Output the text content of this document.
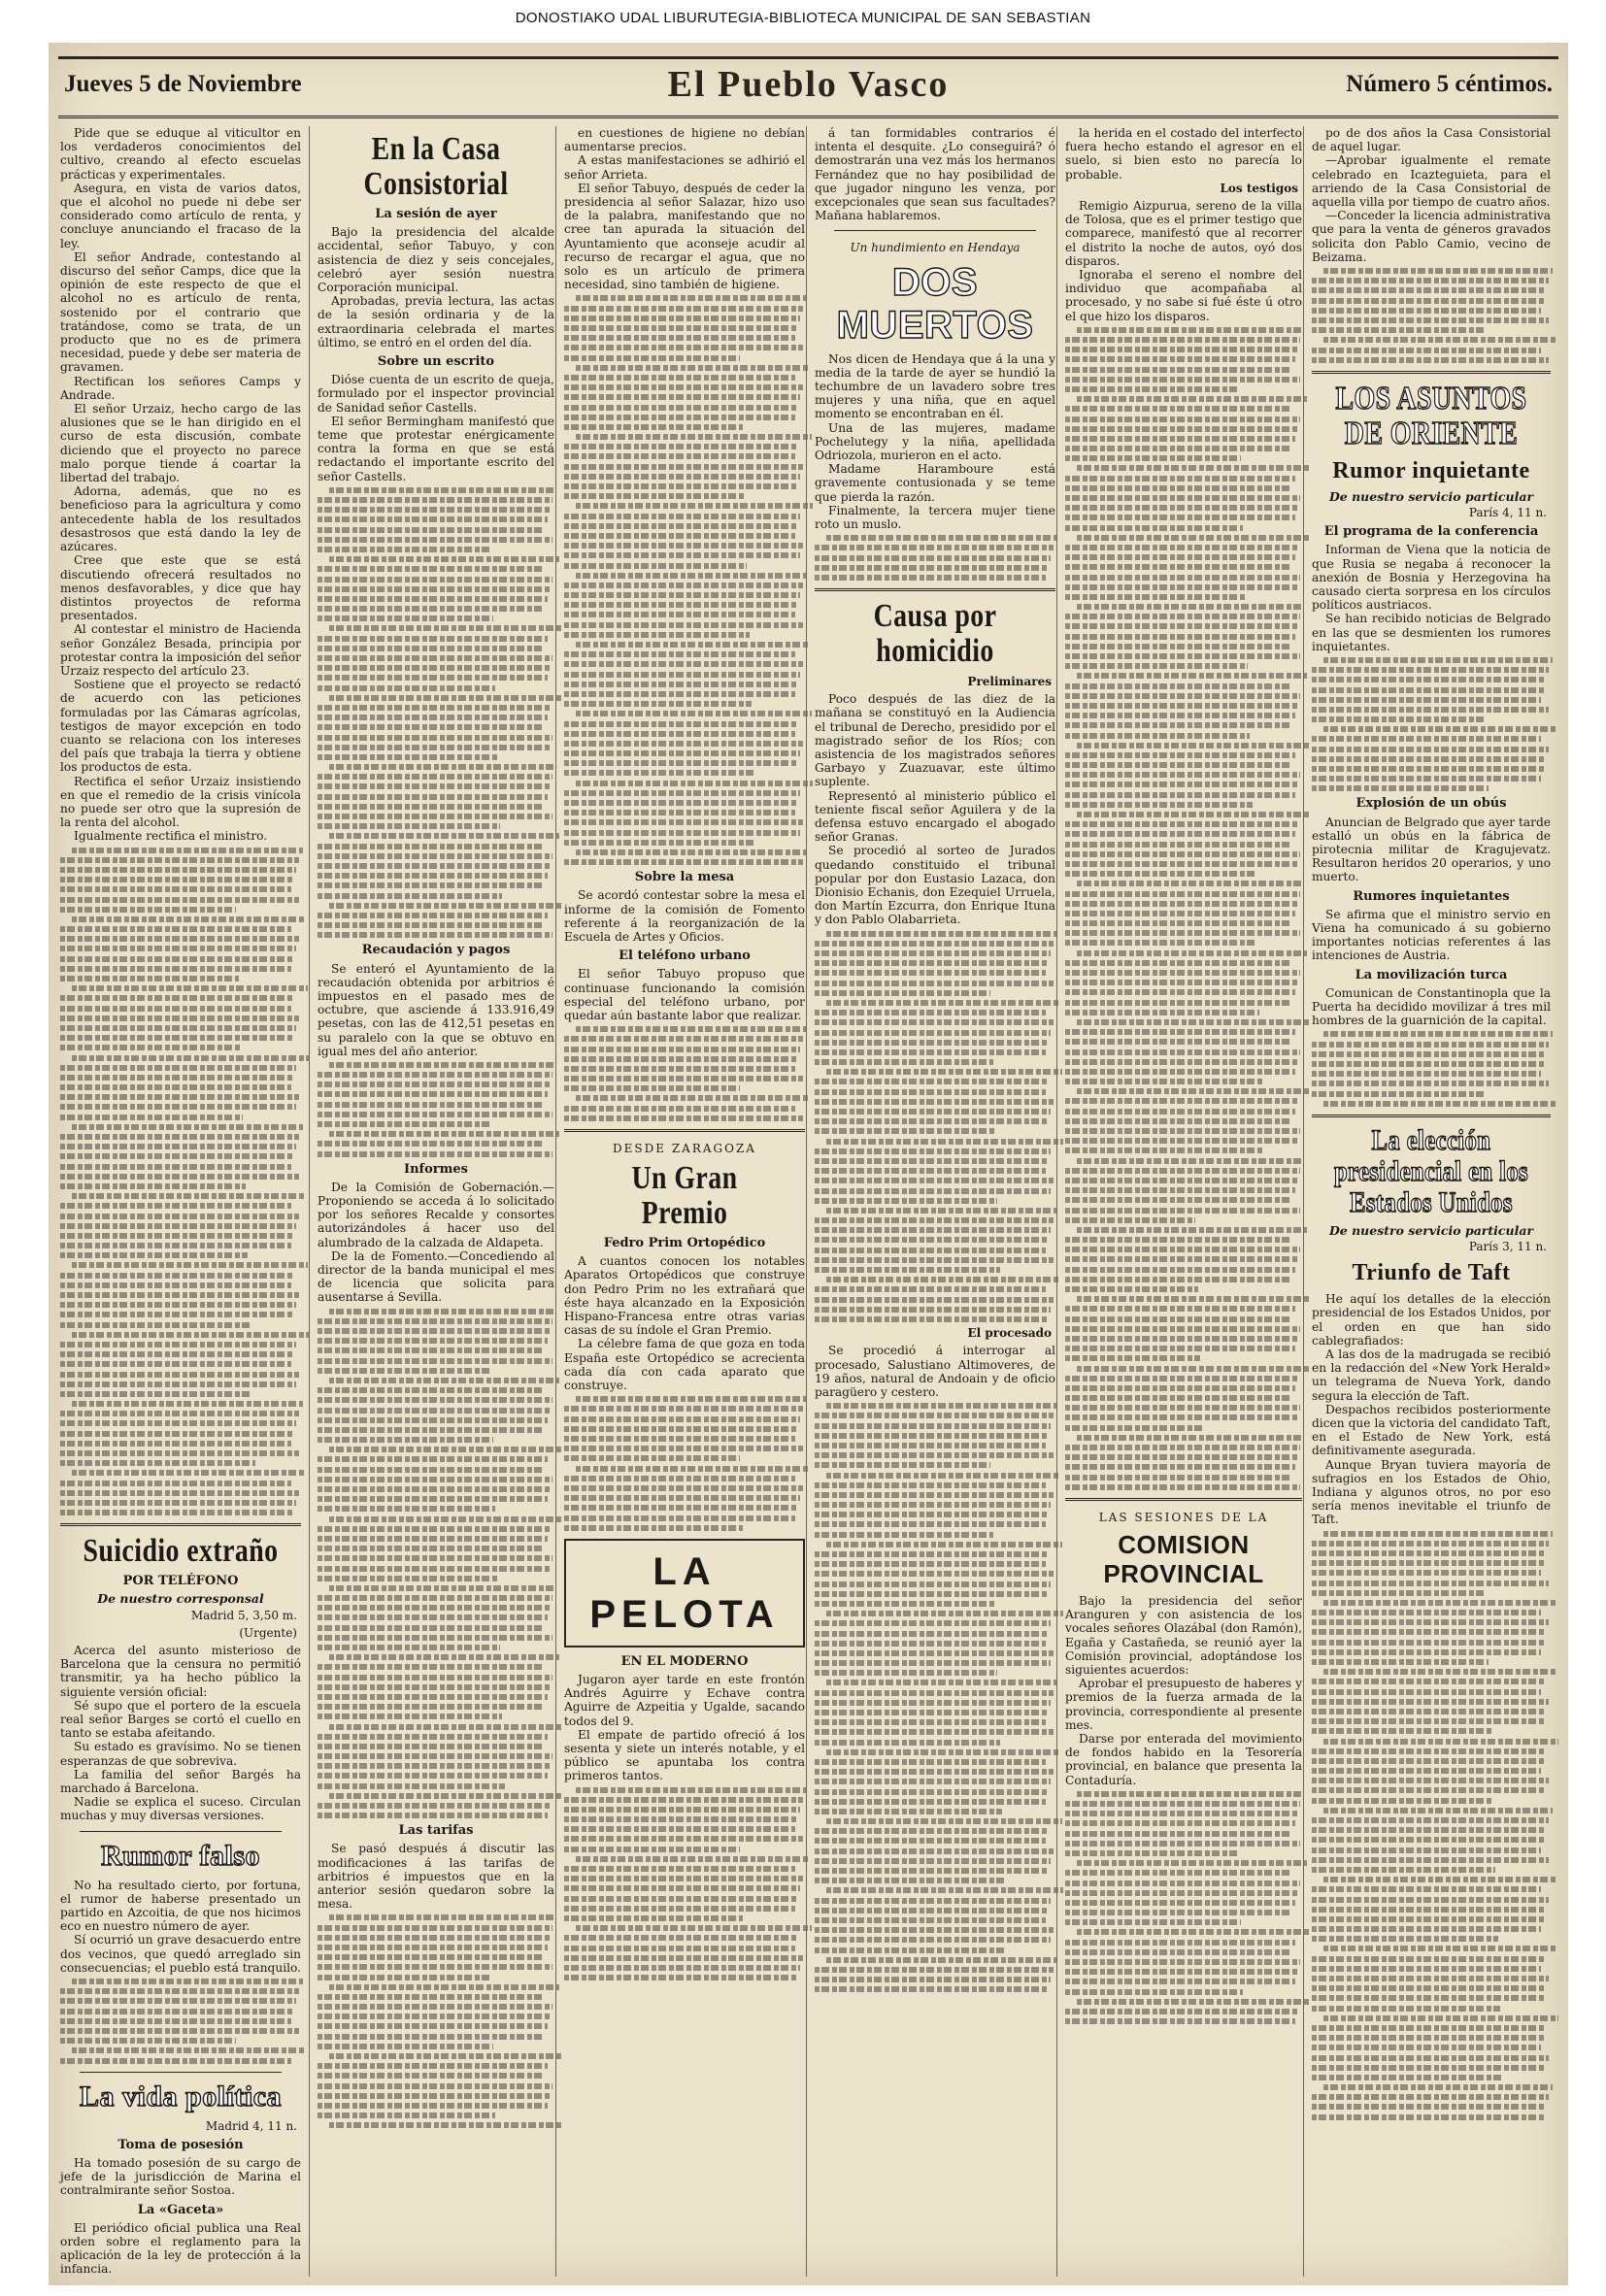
DONOSTIAKO UDAL LIBURUTEGIA-BIBLIOTECA MUNICIPAL DE SAN SEBASTIAN
Jueves 5 de Noviembre	El Pueblo Vasco	Número 5 céntimos.

Pide que se eduque al viticultor en los verdaderos conocimientos del cultivo, creando al efecto escuelas prácticas y experimentales.

Asegura, en vista de varios datos, que el alcohol no puede ni debe ser considerado como artículo de renta, y concluye anunciando el fracaso de la ley.

El señor Andrade, contestando al discurso del señor Camps, dice que la opinión de este respecto de que el alcohol no es artículo de renta, sostenido por el contrario que tratándose, como se trata, de un producto que no es de primera necesidad, puede y debe ser materia de gravamen.

Rectifican los señores Camps y Andrade.

El señor Urzaiz, hecho cargo de las alusiones que se le han dirigido en el curso de esta discusión, combate diciendo que el proyecto no parece malo porque tiende á coartar la libertad del trabajo.

Adorna, además, que no es beneficioso para la agricultura y como antecedente habla de los resultados desastrosos que está dando la ley de azúcares.

Cree que este que se está discutiendo ofrecerá resultados no menos desfavorables, y dice que hay distintos proyectos de reforma presentados.

Al contestar el ministro de Hacienda señor González Besada, principia por protestar contra la imposición del señor Urzaiz respecto del artículo 23.

Sostiene que el proyecto se redactó de acuerdo con las peticiones formuladas por las Cámaras agrícolas, testigos de mayor excepción en todo cuanto se relaciona con los intereses del país que trabaja la tierra y obtiene los productos de esta.

Rectifica el señor Urzaiz insistiendo en que el remedio de la crisis vinícola no puede ser otro que la supresión de la renta del alcohol.

Igualmente rectifica el ministro.

Suicidio extraño
POR TELÉFONO
De nuestro corresponsal
Madrid 5, 3,50 m.
(Urgente)

Acerca del asunto misterioso de Barcelona que la censura no permitió transmitir, ya ha hecho público la siguiente versión oficial:

Sé supo que el portero de la escuela real señor Barges se cortó el cuello en tanto se estaba afeitando.

Su estado es gravísimo. No se tienen esperanzas de que sobreviva.

La familia del señor Bargés ha marchado á Barcelona.

Nadie se explica el suceso. Circulan muchas y muy diversas versiones.

Rumor falso

No ha resultado cierto, por fortuna, el rumor de haberse presentado un partido en Azcoitia, de que nos hicimos eco en nuestro número de ayer.

Sí ocurrió un grave desacuerdo entre dos vecinos, que quedó arreglado sin consecuencias; el pueblo está tranquilo.

La vida política
Madrid 4, 11 n.
Toma de posesión

Ha tomado posesión de su cargo de jefe de la jurisdicción de Marina el contralmirante señor Sostoa.

La «Gaceta»

El periódico oficial publica una Real orden sobre el reglamento para la aplicación de la ley de protección á la infancia.

En la Casa Consistorial
La sesión de ayer

Bajo la presidencia del alcalde accidental, señor Tabuyo, y con asistencia de diez y seis concejales, celebró ayer sesión nuestra Corporación municipal.

Aprobadas, previa lectura, las actas de la sesión ordinaria y de la extraordinaria celebrada el martes último, se entró en el orden del día.

Sobre un escrito

Dióse cuenta de un escrito de queja, formulado por el inspector provincial de Sanidad señor Castells.

El señor Bermingham manifestó que teme que protestar enérgicamente contra la forma en que se está redactando el importante escrito del señor Castells.

Recaudación y pagos

Se enteró el Ayuntamiento de la recaudación obtenida por arbitrios é impuestos en el pasado mes de octubre, que asciende á 133.916,49 pesetas, con las de 412,51 pesetas en su paralelo con la que se obtuvo en igual mes del año anterior.

Informes

De la Comisión de Gobernación.—Proponiendo se acceda á lo solicitado por los señores Recalde y consortes autorizándoles á hacer uso del alumbrado de la calzada de Aldapeta.

De la de Fomento.—Concediendo al director de la banda municipal el mes de licencia que solicita para ausentarse á Sevilla.

Las tarifas

Se pasó después á discutir las modificaciones á las tarifas de arbitrios é impuestos que en la anterior sesión quedaron sobre la mesa.

en cuestiones de higiene no debían aumentarse precios.

A estas manifestaciones se adhirió el señor Arrieta.

El señor Tabuyo, después de ceder la presidencia al señor Salazar, hizo uso de la palabra, manifestando que no cree tan apurada la situación del Ayuntamiento que aconseje acudir al recurso de recargar el agua, que no solo es un artículo de primera necesidad, sino también de higiene.

Sobre la mesa

Se acordó contestar sobre la mesa el informe de la comisión de Fomento referente á la reorganización de la Escuela de Artes y Oficios.

El teléfono urbano

El señor Tabuyo propuso que continuase funcionando la comisión especial del teléfono urbano, por quedar aún bastante labor que realizar.

DESDE ZARAGOZA
Un Gran Premio
Fedro Prim Ortopédico

A cuantos conocen los notables Aparatos Ortopédicos que construye don Pedro Prim no les extrañará que éste haya alcanzado en la Exposición Hispano-Francesa entre otras varias casas de su índole el Gran Premio.

La célebre fama de que goza en toda España este Ortopédico se acrecienta cada día con cada aparato que construye.

LA PELOTA
EN EL MODERNO

Jugaron ayer tarde en este frontón Andrés Aguirre y Echave contra Aguirre de Azpeitia y Ugalde, sacando todos del 9.

El empate de partido ofreció á los sesenta y siete un interés notable, y el público se apuntaba los contra primeros tantos.

á tan formidables contrarios é intenta el desquite. ¿Lo conseguirá? ó demostrarán una vez más los hermanos Fernández que no hay posibilidad de que jugador ninguno les venza, por excepcionales que sean sus facultades? Mañana hablaremos.

Un hundimiento en Hendaya
DOS MUERTOS

Nos dicen de Hendaya que á la una y media de la tarde de ayer se hundió la techumbre de un lavadero sobre tres mujeres y una niña, que en aquel momento se encontraban en él.

Una de las mujeres, madame Pochelutegy y la niña, apellidada Odriozola, murieron en el acto.

Madame Haramboure está gravemente contusionada y se teme que pierda la razón.

Finalmente, la tercera mujer tiene roto un muslo.

Causa por homicidio
Preliminares

Poco después de las diez de la mañana se constituyó en la Audiencia el tribunal de Derecho, presidido por el magistrado señor de los Ríos; con asistencia de los magistrados señores Garbayo y Zuazuavar, este último suplente.

Representó al ministerio público el teniente fiscal señor Aguilera y de la defensa estuvo encargado el abogado señor Granas.

Se procedió al sorteo de Jurados quedando constituido el tribunal popular por don Eustasio Lazaca, don Dionisio Echanis, don Ezequiel Urruela, don Martín Ezcurra, don Enrique Ituna y don Pablo Olabarrieta.

El procesado

Se procedió á interrogar al procesado, Salustiano Altimoveres, de 19 años, natural de Andoain y de oficio paragüero y cestero.

la herida en el costado del interfecto fuera hecho estando el agresor en el suelo, si bien esto no parecía lo probable.

Los testigos

Remigio Aizpurua, sereno de la villa de Tolosa, que es el primer testigo que comparece, manifestó que al recorrer el distrito la noche de autos, oyó dos disparos.

Ignoraba el sereno el nombre del individuo que acompañaba al procesado, y no sabe si fué éste ú otro el que hizo los disparos.

LAS SESIONES DE LA
COMISION PROVINCIAL

Bajo la presidencia del señor Aranguren y con asistencia de los vocales señores Olazábal (don Ramón), Egaña y Castañeda, se reunió ayer la Comisión provincial, adoptándose los siguientes acuerdos:

Aprobar el presupuesto de haberes y premios de la fuerza armada de la provincia, correspondiente al presente mes.

Darse por enterada del movimiento de fondos habido en la Tesorería provincial, en balance que presenta la Contaduría.

po de dos años la Casa Consistorial de aquel lugar.

—Aprobar igualmente el remate celebrado en Icazteguieta, para el arriendo de la Casa Consistorial de aquella villa por tiempo de cuatro años.

—Conceder la licencia administrativa que para la venta de géneros gravados solicita don Pablo Camio, vecino de Beizama.

LOS ASUNTOS DE ORIENTE
Rumor inquietante
De nuestro servicio particular
París 4, 11 n.
El programa de la conferencia

Informan de Viena que la noticia de que Rusia se negaba á reconocer la anexión de Bosnia y Herzegovina ha causado cierta sorpresa en los círculos políticos austriacos.

Se han recibido noticias de Belgrado en las que se desmienten los rumores inquietantes.

Explosión de un obús

Anuncian de Belgrado que ayer tarde estalló un obús en la fábrica de pirotecnia militar de Kragujevatz. Resultaron heridos 20 operarios, y uno muerto.

Rumores inquietantes

Se afirma que el ministro servio en Viena ha comunicado á su gobierno importantes noticias referentes á las intenciones de Austria.

La movilización turca

Comunican de Constantinopla que la Puerta ha decidido movilizar á tres mil hombres de la guarnición de la capital.

La elección presidencial en los Estados Unidos
De nuestro servicio particular
París 3, 11 n.
Triunfo de Taft

He aquí los detalles de la elección presidencial de los Estados Unidos, por el orden en que han sido cablegrafiados:

A las dos de la madrugada se recibió en la redacción del «New York Herald» un telegrama de Nueva York, dando segura la elección de Taft.

Despachos recibidos posteriormente dicen que la victoria del candidato Taft, en el Estado de New York, está definitivamente asegurada.

Aunque Bryan tuviera mayoría de sufragios en los Estados de Ohio, Indiana y algunos otros, no por eso sería menos inevitable el triunfo de Taft.
